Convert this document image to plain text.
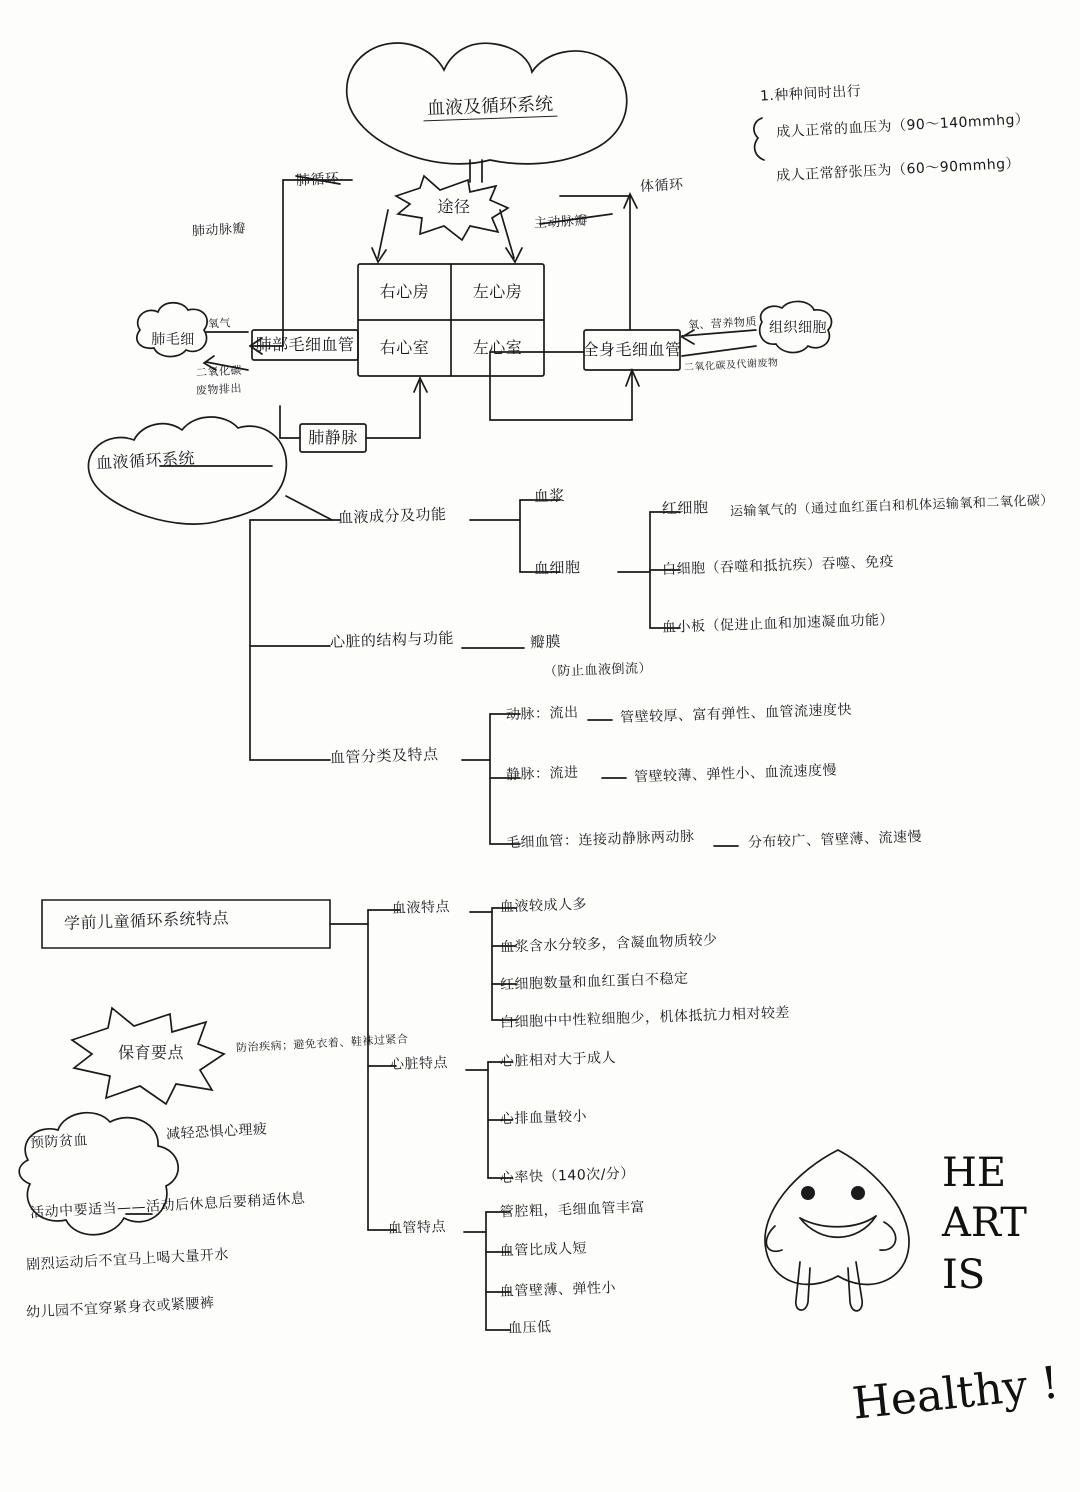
血液及循环系统
途径
右心房	左心房
右心室	左心室
肺循环	体循环
肺动脉瓣	主动脉瓣
肺毛细
氧气
二氧化碳
废物排出
肺部毛细血管
肺静脉
全身毛细血管
氧、营养物质
二氧化碳及代谢废物
组织细胞
1.种种间时出行
成人正常的血压为（90～140mmhg）
成人正常舒张压为（60～90mmhg）
血液循环系统
血液成分及功能
血浆
血细胞
红细胞 运输氧气的（通过血红蛋白和机体运输氧和二氧化碳）
白细胞（吞噬和抵抗疾）吞噬、免疫
血小板（促进止血和加速凝血功能）
心脏的结构与功能	瓣膜
（防止血液倒流）
血管分类及特点
动脉：流出	管壁较厚、富有弹性、血管流速度快
静脉：流进	管壁较薄、弹性小、血流速度慢
毛细血管：连接动静脉两动脉	分布较广、管壁薄、流速慢
学前儿童循环系统特点
血液特点	血液较成人多
血浆含水分较多，含凝血物质较少
红细胞数量和血红蛋白不稳定
白细胞中中性粒细胞少，机体抵抗力相对较差
心脏特点	心脏相对大于成人
心排血量较小
心率快（140次/分）
血管特点
管腔粗，毛细血管丰富
血管比成人短
血管壁薄、弹性小
血压低
保育要点	防治疾病；避免衣着、鞋袜过紧合
预防贫血	减轻恐惧心理疲
活动中要适当——活动后休息后要稍适休息
剧烈运动后不宜马上喝大量开水
幼儿园不宜穿紧身衣或紧腰裤
HE
ART
IS
Healthy !
